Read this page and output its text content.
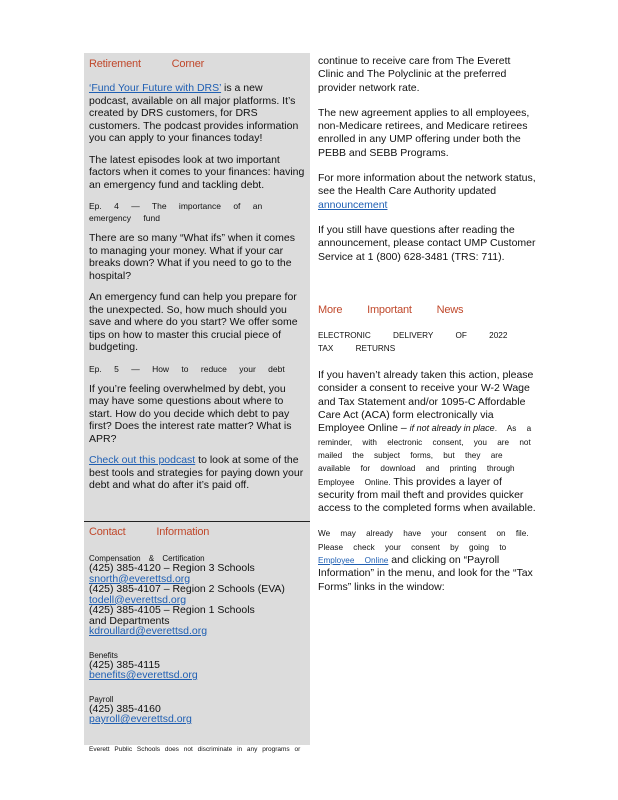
Retirement Corner

‘Fund Your Future with DRS’ is a new podcast, available on all major platforms. It’s created by DRS customers, for DRS customers. The podcast provides information you can apply to your finances today!

The latest episodes look at two important factors when it comes to your finances: having an emergency fund and tackling debt.

Ep. 4 — The importance of an emergency fund

There are so many “What ifs” when it comes to managing your money. What if your car breaks down? What if you need to go to the hospital?

An emergency fund can help you prepare for the unexpected. So, how much should you save and where do you start? We offer some tips on how to master this crucial piece of budgeting.

Ep. 5 — How to reduce your debt

If you’re feeling overwhelmed by debt, you may have some questions about where to start. How do you decide which debt to pay first? Does the interest rate matter? What is APR?

Check out this podcast to look at some of the best tools and strategies for paying down your debt and what do after it’s paid off.

Contact Information
Compensation & Certification
(425) 385-4120 – Region 3 Schools
snorth@everettsd.org
(425) 385-4107 – Region 2 Schools (EVA)
todell@everettsd.org
(425) 385-4105 – Region 1 Schools
and Departments
kdroullard@everettsd.org
Benefits
(425) 385-4115
benefits@everettsd.org
Payroll
(425) 385-4160
payroll@everettsd.org
Everett Public Schools does not discriminate in any programs or

continue to receive care from The Everett Clinic and The Polyclinic at the preferred provider network rate.

The new agreement applies to all employees, non-Medicare retirees, and Medicare retirees enrolled in any UMP offering under both the PEBB and SEBB Programs.

For more information about the network status, see the Health Care Authority updated announcement

If you still have questions after reading the announcement, please contact UMP Customer Service at 1 (800) 628-3481 (TRS: 711).

More Important News
ELECTRONIC DELIVERY OF 2022 TAX RETURNS

If you haven’t already taken this action, please consider a consent to receive your W-2 Wage and Tax Statement and/or 1095-C Affordable Care Act (ACA) form electronically via Employee Online – if not already in place. As a reminder, with electronic consent, you are not mailed the subject forms, but they are available for download and printing through Employee Online. This provides a layer of security from mail theft and provides quicker access to the completed forms when available.

We may already have your consent on file. Please check your consent by going to Employee Online and clicking on “Payroll Information” in the menu, and look for the “Tax Forms” links in the window:
